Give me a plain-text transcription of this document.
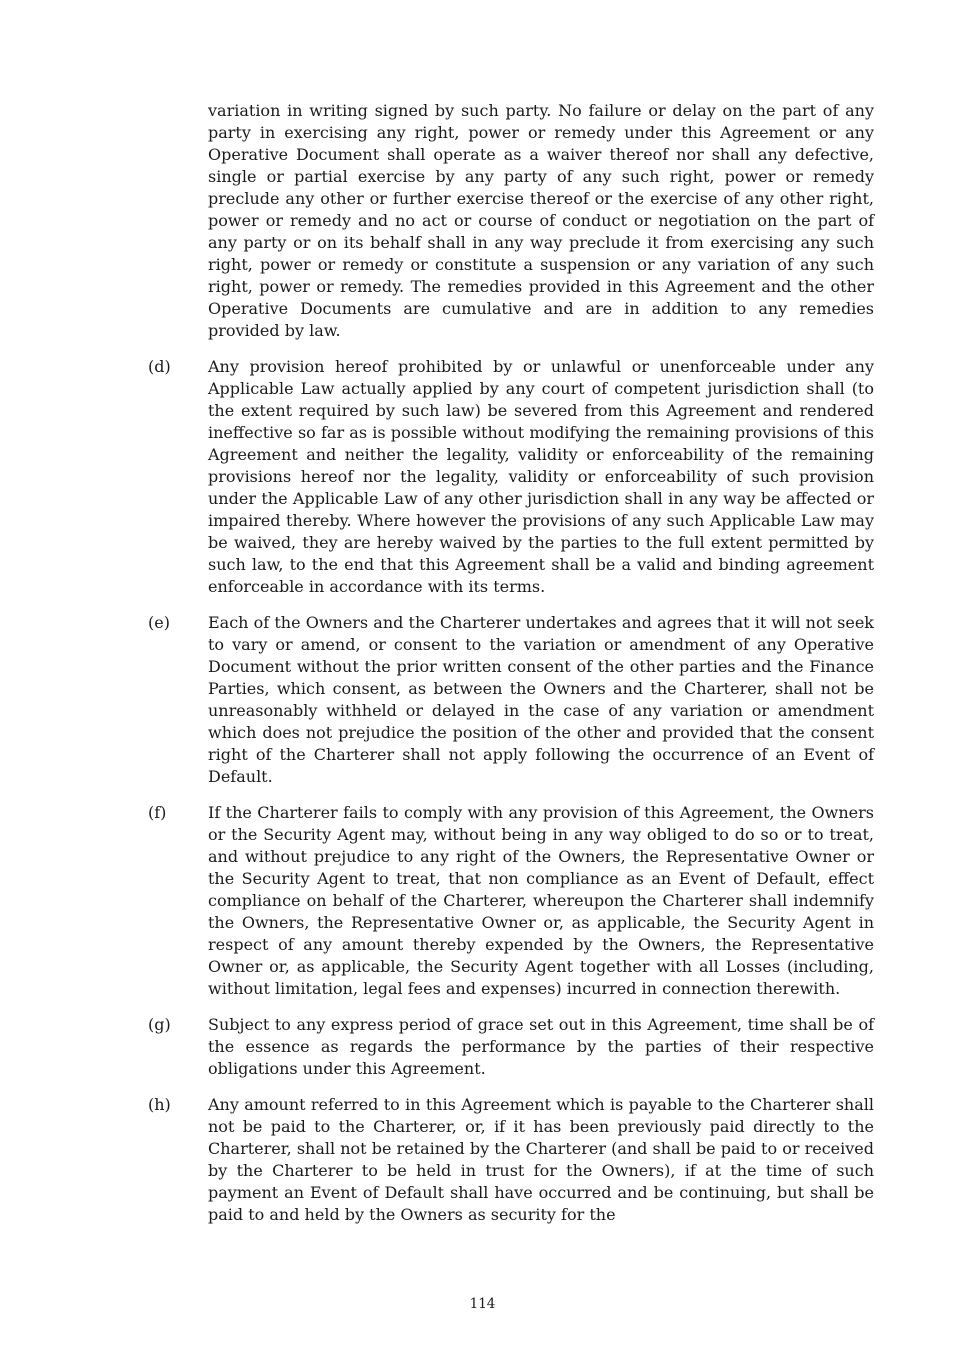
variation in writing signed by such party. No failure or delay on the part of any party in exercising any right, power or remedy under this Agreement or any Operative Document shall operate as a waiver thereof nor shall any defective, single or partial exercise by any party of any such right, power or remedy preclude any other or further exercise thereof or the exercise of any other right, power or remedy and no act or course of conduct or negotiation on the part of any party or on its behalf shall in any way preclude it from exercising any such right, power or remedy or constitute a suspension or any variation of any such right, power or remedy. The remedies provided in this Agreement and the other Operative Documents are cumulative and are in addition to any remedies provided by law.
(d)	Any provision hereof prohibited by or unlawful or unenforceable under any Applicable Law actually applied by any court of competent jurisdiction shall (to the extent required by such law) be severed from this Agreement and rendered ineffective so far as is possible without modifying the remaining provisions of this Agreement and neither the legality, validity or enforceability of the remaining provisions hereof nor the legality, validity or enforceability of such provision under the Applicable Law of any other jurisdiction shall in any way be affected or impaired thereby. Where however the provisions of any such Applicable Law may be waived, they are hereby waived by the parties to the full extent permitted by such law, to the end that this Agreement shall be a valid and binding agreement enforceable in accordance with its terms.
(e)	Each of the Owners and the Charterer undertakes and agrees that it will not seek to vary or amend, or consent to the variation or amendment of any Operative Document without the prior written consent of the other parties and the Finance Parties, which consent, as between the Owners and the Charterer, shall not be unreasonably withheld or delayed in the case of any variation or amendment which does not prejudice the position of the other and provided that the consent right of the Charterer shall not apply following the occurrence of an Event of Default.
(f)	If the Charterer fails to comply with any provision of this Agreement, the Owners or the Security Agent may, without being in any way obliged to do so or to treat, and without prejudice to any right of the Owners, the Representative Owner or the Security Agent to treat, that non compliance as an Event of Default, effect compliance on behalf of the Charterer, whereupon the Charterer shall indemnify the Owners, the Representative Owner or, as applicable, the Security Agent in respect of any amount thereby expended by the Owners, the Representative Owner or, as applicable, the Security Agent together with all Losses (including, without limitation, legal fees and expenses) incurred in connection therewith.
(g)	Subject to any express period of grace set out in this Agreement, time shall be of the essence as regards the performance by the parties of their respective obligations under this Agreement.
(h)	Any amount referred to in this Agreement which is payable to the Charterer shall not be paid to the Charterer, or, if it has been previously paid directly to the Charterer, shall not be retained by the Charterer (and shall be paid to or received by the Charterer to be held in trust for the Owners), if at the time of such payment an Event of Default shall have occurred and be continuing, but shall be paid to and held by the Owners as security for the
114
